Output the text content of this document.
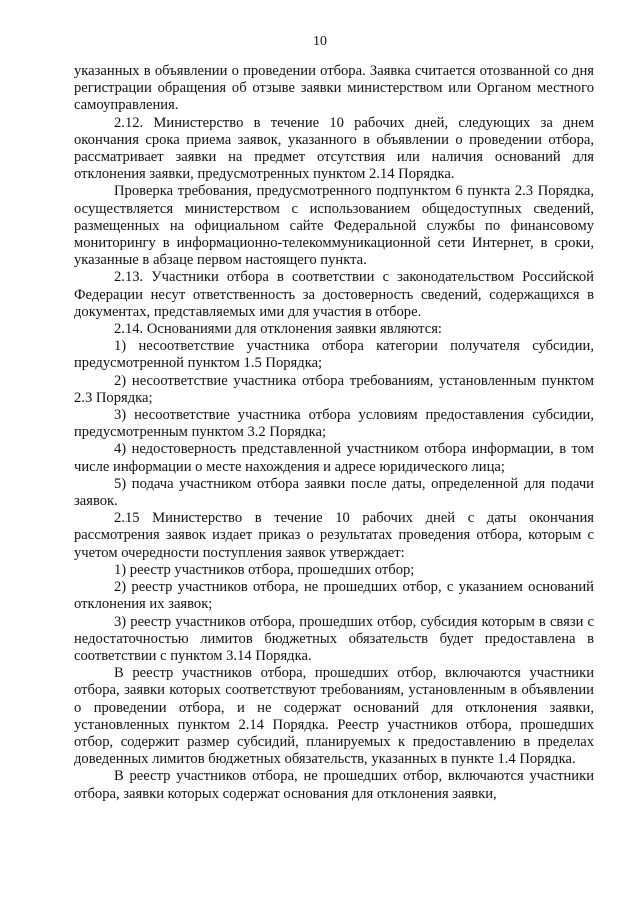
10

указанных в объявлении о проведении отбора. Заявка считается отозванной со дня регистрации обращения об отзыве заявки министерством или Органом местного самоуправления.

2.12. Министерство в течение 10 рабочих дней, следующих за днем окончания срока приема заявок, указанного в объявлении о проведении отбора, рассматривает заявки на предмет отсутствия или наличия оснований для отклонения заявки, предусмотренных пунктом 2.14 Порядка.

Проверка требования, предусмотренного подпунктом 6 пункта 2.3 Порядка, осуществляется министерством с использованием общедоступных сведений, размещенных на официальном сайте Федеральной службы по финансовому мониторингу в информационно-телекоммуникационной сети Интернет, в сроки, указанные в абзаце первом настоящего пункта.

2.13. Участники отбора в соответствии с законодательством Российской Федерации несут ответственность за достоверность сведений, содержащихся в документах, представляемых ими для участия в отборе.

2.14. Основаниями для отклонения заявки являются:

1) несоответствие участника отбора категории получателя субсидии, предусмотренной пунктом 1.5 Порядка;

2) несоответствие участника отбора требованиям, установленным пунктом 2.3 Порядка;

3) несоответствие участника отбора условиям предоставления субсидии, предусмотренным пунктом 3.2 Порядка;

4) недостоверность представленной участником отбора информации, в том числе информации о месте нахождения и адресе юридического лица;

5) подача участником отбора заявки после даты, определенной для подачи заявок.

2.15 Министерство в течение 10 рабочих дней с даты окончания рассмотрения заявок издает приказ о результатах проведения отбора, которым с учетом очередности поступления заявок утверждает:

1) реестр участников отбора, прошедших отбор;

2) реестр участников отбора, не прошедших отбор, с указанием оснований отклонения их заявок;

3) реестр участников отбора, прошедших отбор, субсидия которым в связи с недостаточностью лимитов бюджетных обязательств будет предоставлена в соответствии с пунктом 3.14 Порядка.

В реестр участников отбора, прошедших отбор, включаются участники отбора, заявки которых соответствуют требованиям, установленным в объявлении о проведении отбора, и не содержат оснований для отклонения заявки, установленных пунктом 2.14 Порядка. Реестр участников отбора, прошедших отбор, содержит размер субсидий, планируемых к предоставлению в пределах доведенных лимитов бюджетных обязательств, указанных в пункте 1.4 Порядка.

В реестр участников отбора, не прошедших отбор, включаются участники отбора, заявки которых содержат основания для отклонения заявки,
